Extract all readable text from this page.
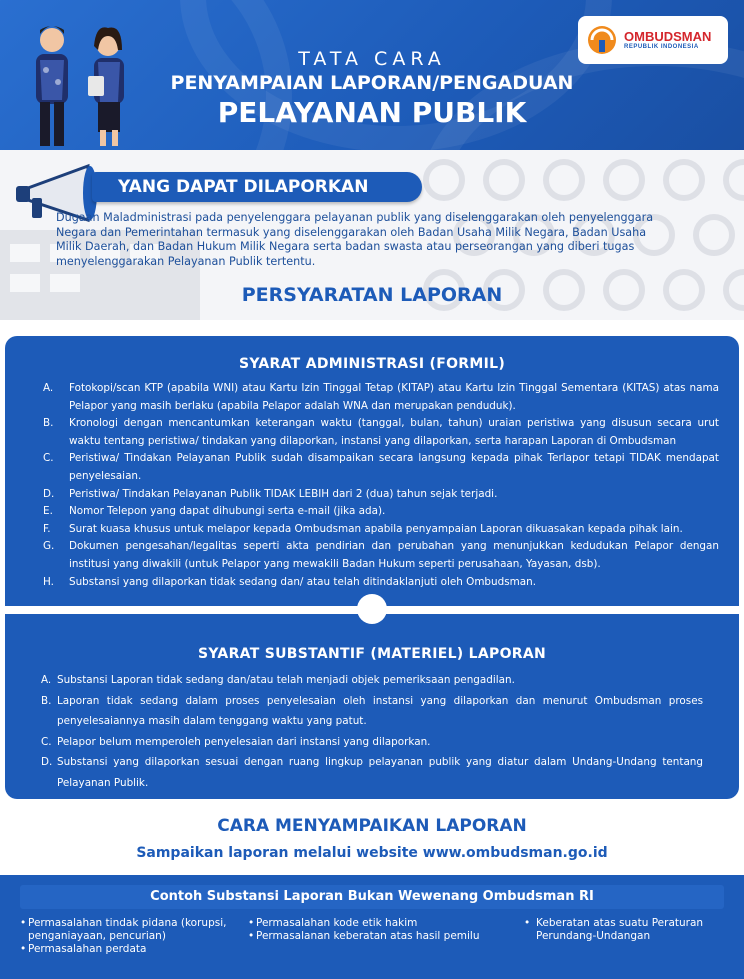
TATA CARA
PENYAMPAIAN LAPORAN/PENGADUAN
PELAYANAN PUBLIK
OMBUDSMAN
REPUBLIK INDONESIA
YANG DAPAT DILAPORKAN
Dugaan Maladministrasi pada penyelenggara pelayanan publik yang diselenggarakan oleh penyelenggara
Negara dan Pemerintahan termasuk yang diselenggarakan oleh Badan Usaha Milik Negara, Badan Usaha
Milik Daerah, dan Badan Hukum Milik Negara serta badan swasta atau perseorangan yang diberi tugas
menyelenggarakan Pelayanan Publik tertentu.
PERSYARATAN LAPORAN
SYARAT ADMINISTRASI (FORMIL)
A.	Fotokopi/scan KTP (apabila WNI) atau Kartu Izin Tinggal Tetap (KITAP) atau Kartu Izin Tinggal Sementara (KITAS) atas nama Pelapor yang masih berlaku (apabila Pelapor adalah WNA dan merupakan penduduk).
B.	Kronologi dengan mencantumkan keterangan waktu (tanggal, bulan, tahun) uraian peristiwa yang disusun secara urut waktu tentang peristiwa/ tindakan yang dilaporkan, instansi yang dilaporkan, serta harapan Laporan di Ombudsman
C.	Peristiwa/ Tindakan Pelayanan Publik sudah disampaikan secara langsung kepada pihak Terlapor tetapi TIDAK mendapat penyelesaian.
D.	Peristiwa/ Tindakan Pelayanan Publik TIDAK LEBIH dari 2 (dua) tahun sejak terjadi.
E.	Nomor Telepon yang dapat dihubungi serta e-mail (jika ada).
F.	Surat kuasa khusus untuk melapor kepada Ombudsman apabila penyampaian Laporan dikuasakan kepada pihak lain.
G.	Dokumen pengesahan/legalitas seperti akta pendirian dan perubahan yang menunjukkan kedudukan Pelapor dengan institusi yang diwakili (untuk Pelapor yang mewakili Badan Hukum seperti perusahaan, Yayasan, dsb).
H.	Substansi yang dilaporkan tidak sedang dan/ atau telah ditindaklanjuti oleh Ombudsman.
SYARAT SUBSTANTIF (MATERIEL) LAPORAN
A. Substansi Laporan tidak sedang dan/atau telah menjadi objek pemeriksaan pengadilan.
B. Laporan tidak sedang dalam proses penyelesaian oleh instansi yang dilaporkan dan menurut Ombudsman proses penyelesaiannya masih dalam tenggang waktu yang patut.
C. Pelapor belum memperoleh penyelesaian dari instansi yang dilaporkan.
D. Substansi yang dilaporkan sesuai dengan ruang lingkup pelayanan publik yang diatur dalam Undang-Undang tentang Pelayanan Publik.
CARA MENYAMPAIKAN LAPORAN
Sampaikan laporan melalui website www.ombudsman.go.id
Contoh Substansi Laporan Bukan Wewenang Ombudsman RI
• Permasalahan tindak pidana (korupsi, penganiayaan, pencurian)
• Permasalahan perdata
• Permasalahan kode etik hakim
• Permasalanan keberatan atas hasil pemilu
• Keberatan atas suatu Peraturan Perundang-Undangan
